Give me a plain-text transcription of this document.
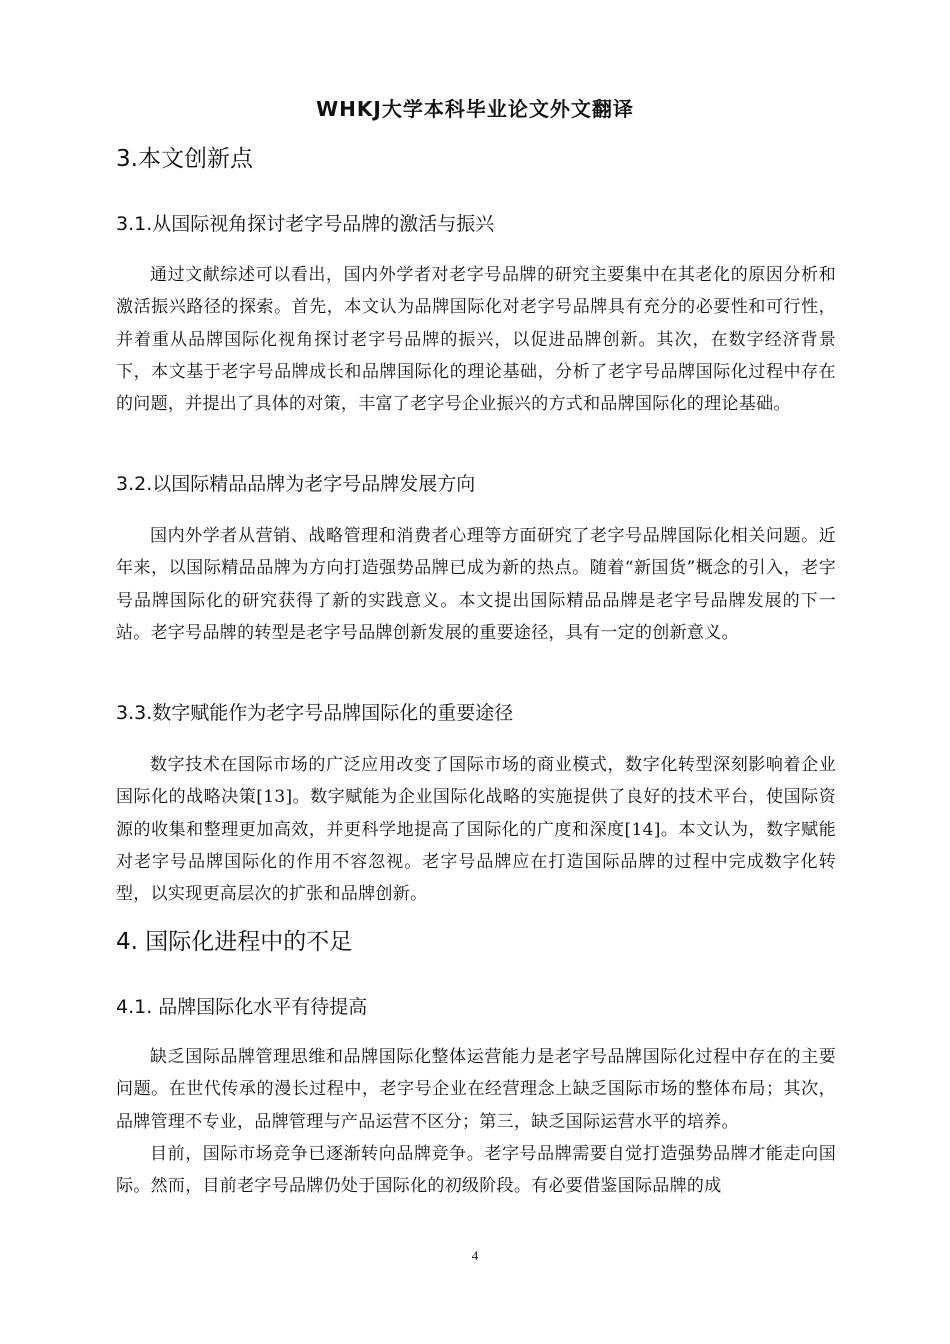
WHKJ大学本科毕业论文外文翻译

3.本文创新点

3.1.从国际视角探讨老字号品牌的激活与振兴

通过文献综述可以看出，国内外学者对老字号品牌的研究主要集中在其老化的原因分析和激活振兴路径的探索。首先，本文认为品牌国际化对老字号品牌具有充分的必要性和可行性，并着重从品牌国际化视角探讨老字号品牌的振兴，以促进品牌创新。其次，在数字经济背景下，本文基于老字号品牌成长和品牌国际化的理论基础，分析了老字号品牌国际化过程中存在的问题，并提出了具体的对策，丰富了老字号企业振兴的方式和品牌国际化的理论基础。

3.2.以国际精品品牌为老字号品牌发展方向

国内外学者从营销、战略管理和消费者心理等方面研究了老字号品牌国际化相关问题。近年来，以国际精品品牌为方向打造强势品牌已成为新的热点。随着“新国货”概念的引入，老字号品牌国际化的研究获得了新的实践意义。本文提出国际精品品牌是老字号品牌发展的下一站。老字号品牌的转型是老字号品牌创新发展的重要途径，具有一定的创新意义。

3.3.数字赋能作为老字号品牌国际化的重要途径

数字技术在国际市场的广泛应用改变了国际市场的商业模式，数字化转型深刻影响着企业国际化的战略决策[13]。数字赋能为企业国际化战略的实施提供了良好的技术平台，使国际资源的收集和整理更加高效，并更科学地提高了国际化的广度和深度[14]。本文认为，数字赋能对老字号品牌国际化的作用不容忽视。老字号品牌应在打造国际品牌的过程中完成数字化转型，以实现更高层次的扩张和品牌创新。

4. 国际化进程中的不足

4.1. 品牌国际化水平有待提高

缺乏国际品牌管理思维和品牌国际化整体运营能力是老字号品牌国际化过程中存在的主要问题。在世代传承的漫长过程中，老字号企业在经营理念上缺乏国际市场的整体布局；其次，品牌管理不专业，品牌管理与产品运营不区分；第三，缺乏国际运营水平的培养。

目前，国际市场竞争已逐渐转向品牌竞争。老字号品牌需要自觉打造强势品牌才能走向国际。然而，目前老字号品牌仍处于国际化的初级阶段。有必要借鉴国际品牌的成

4
